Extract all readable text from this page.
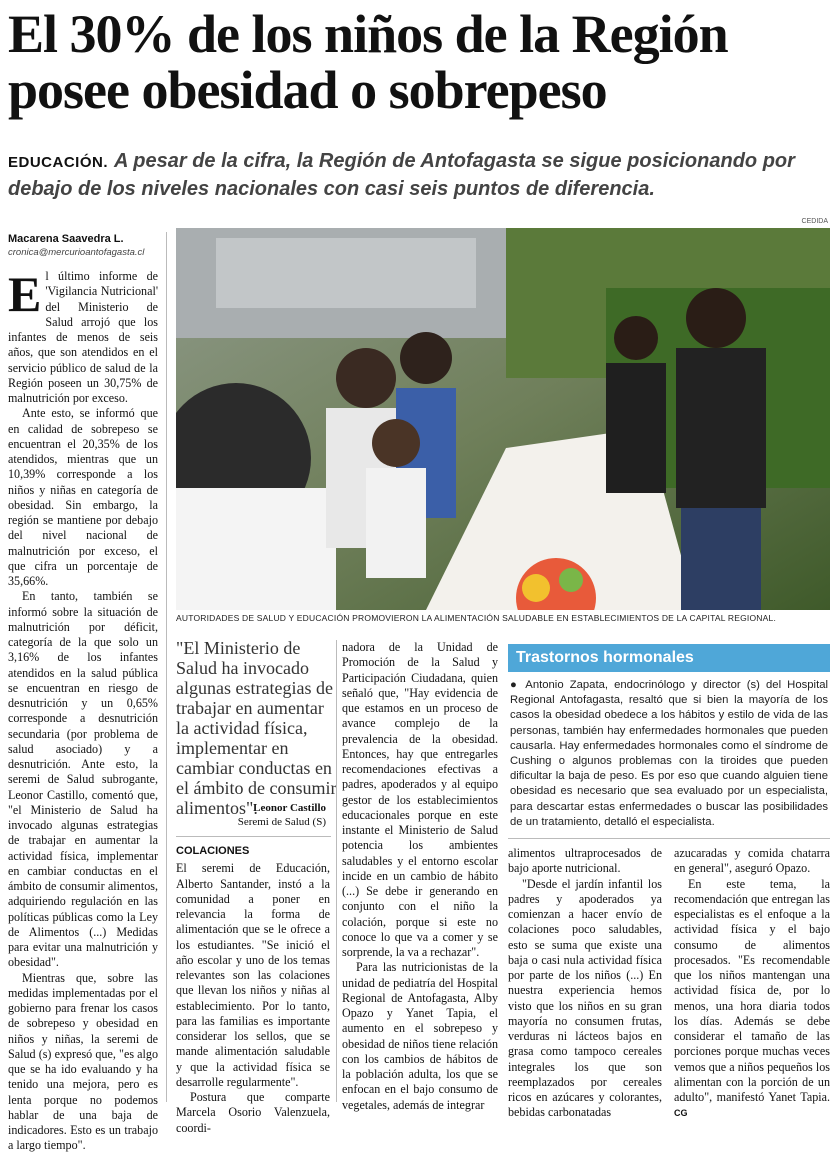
El 30% de los niños de la Región posee obesidad o sobrepeso
EDUCACIÓN. A pesar de la cifra, la Región de Antofagasta se sigue posicionando por debajo de los niveles nacionales con casi seis puntos de diferencia.
Macarena Saavedra L.
cronica@mercurioantofagasta.cl

El último informe de 'Vigilancia Nutricional' del Ministerio de Salud arrojó que los infantes de menos de seis años, que son atendidos en el servicio público de salud de la Región poseen un 30,75% de malnutrición por exceso.

Ante esto, se informó que en calidad de sobrepeso se encuentran el 20,35% de los atendidos, mientras que un 10,39% corresponde a los niños y niñas en categoría de obesidad. Sin embargo, la región se mantiene por debajo del nivel nacional de malnutrición por exceso, el que cifra un porcentaje de 35,66%.

En tanto, también se informó sobre la situación de malnutrición por déficit, categoría de la que solo un 3,16% de los infantes atendidos en la salud pública se encuentran en riesgo de desnutrición y un 0,65% corresponde a desnutrición secundaria (por problema de salud asociado) y a desnutrición. Ante esto, la seremi de Salud subrogante, Leonor Castillo, comentó que, "el Ministerio de Salud ha invocado algunas estrategias de trabajar en aumentar la actividad física, implementar en cambiar conductas en el ámbito de consumir alimentos, adquiriendo regulación en las políticas públicas como la Ley de Alimentos (...) Medidas para evitar una malnutrición y obesidad".

Mientras que, sobre las medidas implementadas por el gobierno para frenar los casos de sobrepeso y obesidad en niños y niñas, la seremi de Salud (s) expresó que, "es algo que se ha ido evaluando y ha tenido una mejora, pero es lenta porque no podemos hablar de una baja de indicadores. Esto es un trabajo a largo tiempo".

CEDIDA
AUTORIDADES DE SALUD Y EDUCACIÓN PROMOVIERON LA ALIMENTACIÓN SALUDABLE EN ESTABLECIMIENTOS DE LA CAPITAL REGIONAL.
"El Ministerio de Salud ha invocado algunas estrategias de trabajar en aumentar la actividad física, implementar en cambiar conductas en el ámbito de consumir alimentos".
Leonor Castillo
Seremi de Salud (S)
COLACIONES

El seremi de Educación, Alberto Santander, instó a la comunidad a poner en relevancia la forma de alimentación que se le ofrece a los estudiantes. "Se inició el año escolar y uno de los temas relevantes son las colaciones que llevan los niños y niñas al establecimiento. Por lo tanto, para las familias es importante considerar los sellos, que se mande alimentación saludable y que la actividad física se desarrolle regularmente".

Postura que comparte Marcela Osorio Valenzuela, coordi-

nadora de la Unidad de Promoción de la Salud y Participación Ciudadana, quien señaló que, "Hay evidencia de que estamos en un proceso de avance complejo de la prevalencia de la obesidad. Entonces, hay que entregarles recomendaciones efectivas a padres, apoderados y al equipo gestor de los establecimientos educacionales porque en este instante el Ministerio de Salud potencia los ambientes saludables y el entorno escolar incide en un cambio de hábito (...) Se debe ir generando en conjunto con el niño la colación, porque si este no conoce lo que va a comer y se sorprende, la va a rechazar".

Para las nutricionistas de la unidad de pediatría del Hospital Regional de Antofagasta, Alby Opazo y Yanet Tapia, el aumento en el sobrepeso y obesidad de niños tiene relación con los cambios de hábitos de la población adulta, los que se enfocan en el bajo consumo de vegetales, además de integrar

Trastornos hormonales
● Antonio Zapata, endocrinólogo y director (s) del Hospital Regional Antofagasta, resaltó que si bien la mayoría de los casos la obesidad obedece a los hábitos y estilo de vida de las personas, también hay enfermedades hormonales que pueden causarla. Hay enfermedades hormonales como el síndrome de Cushing o algunos problemas con la tiroides que pueden dificultar la baja de peso. Es por eso que cuando alguien tiene obesidad es necesario que sea evaluado por un especialista, para descartar estas enfermedades o buscar las posibilidades de un tratamiento, detalló el especialista.

alimentos ultraprocesados de bajo aporte nutricional.

"Desde el jardín infantil los padres y apoderados ya comienzan a hacer envío de colaciones poco saludables, esto se suma que existe una baja o casi nula actividad física por parte de los niños (...) En nuestra experiencia hemos visto que los niños en su gran mayoría no consumen frutas, verduras ni lácteos bajos en grasa como tampoco cereales integrales los que son reemplazados por cereales ricos en azúcares y colorantes, bebidas carbonatadas

azucaradas y comida chatarra en general", aseguró Opazo.

En este tema, la recomendación que entregan las especialistas es el enfoque a la actividad física y el bajo consumo de alimentos procesados. "Es recomendable que los niños mantengan una actividad física de, por lo menos, una hora diaria todos los días. Además se debe considerar el tamaño de las porciones porque muchas veces vemos que a niños pequeños los alimentan con la porción de un adulto", manifestó Yanet Tapia. CG
